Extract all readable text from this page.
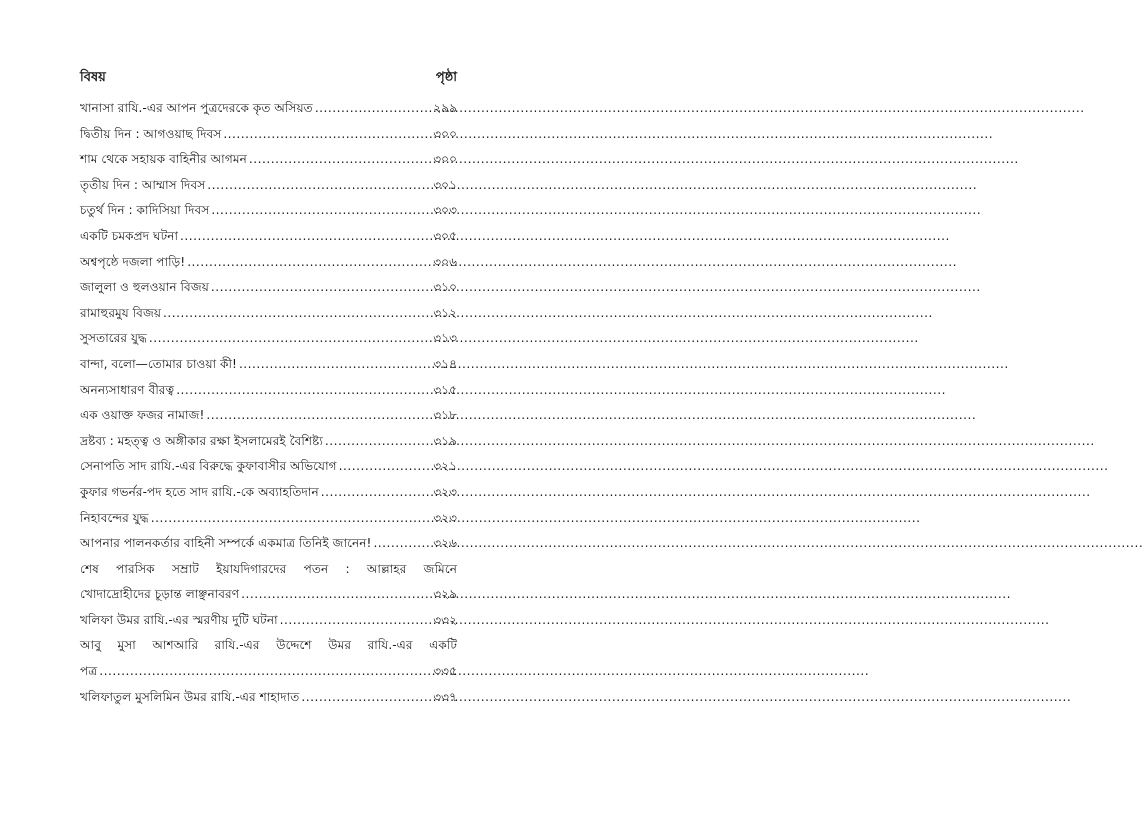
বিষয়	পৃষ্ঠা
খানাসা রাযি.-এর আপন পুত্রদেরকে কৃত অসিয়ত .....	২৯৯
দ্বিতীয় দিন : আগওয়াছ দিবস .....	৩০০
শাম থেকে সহায়ক বাহিনীর আগমন .....	৩০০
তৃতীয় দিন : আম্মাস দিবস .....	৩০১
চতুর্থ দিন : কাদিসিয়া দিবস .....	৩০৩
একটি চমকপ্রদ ঘটনা .....	৩০৫
অশ্বপৃষ্ঠে দজলা পাড়ি! .....	৩০৬
জালুলা ও হুলওয়ান বিজয় .....	৩১০
রামাহুরমুয বিজয় .....	৩১২
সুসতারের যুদ্ধ .....	৩১৩
বান্দা, বলো—তোমার চাওয়া কী! .....	৩১৪
অনন্যসাধারণ বীরত্ব .....	৩১৫
এক ওয়াক্ত ফজর নামাজ! .....	৩১৮
দ্রষ্টব্য : মহত্ত্ব ও অঙ্গীকার রক্ষা ইসলামেরই বৈশিষ্ট্য .....	৩১৯
সেনাপতি সাদ রাযি.-এর বিরুদ্ধে কুফাবাসীর অভিযোগ .....	৩২১
কুফার গভর্নর-পদ হতে সাদ রাযি.-কে অব্যাহতিদান .....	৩২৩
নিহাবন্দের যুদ্ধ .....	৩২৩
আপনার পালনকর্তার বাহিনী সম্পর্কে একমাত্র তিনিই জানেন! .....	৩২৬
শেষ পারসিক সম্রাট ইয়াযদিগারদের পতন : আল্লাহর জমিনে
খোদাদ্রোহীদের চূড়ান্ত লাঞ্ছনাবরণ .....	৩২৯
খলিফা উমর রাযি.-এর স্মরণীয় দুটি ঘটনা .....	৩৩২
আবু মুসা আশআরি রাযি.-এর উদ্দেশে উমর রাযি.-এর একটি
পত্র .....	৩৩৫
খলিফাতুল মুসলিমিন উমর রাযি.-এর শাহাদাত .....	৩৩৭
